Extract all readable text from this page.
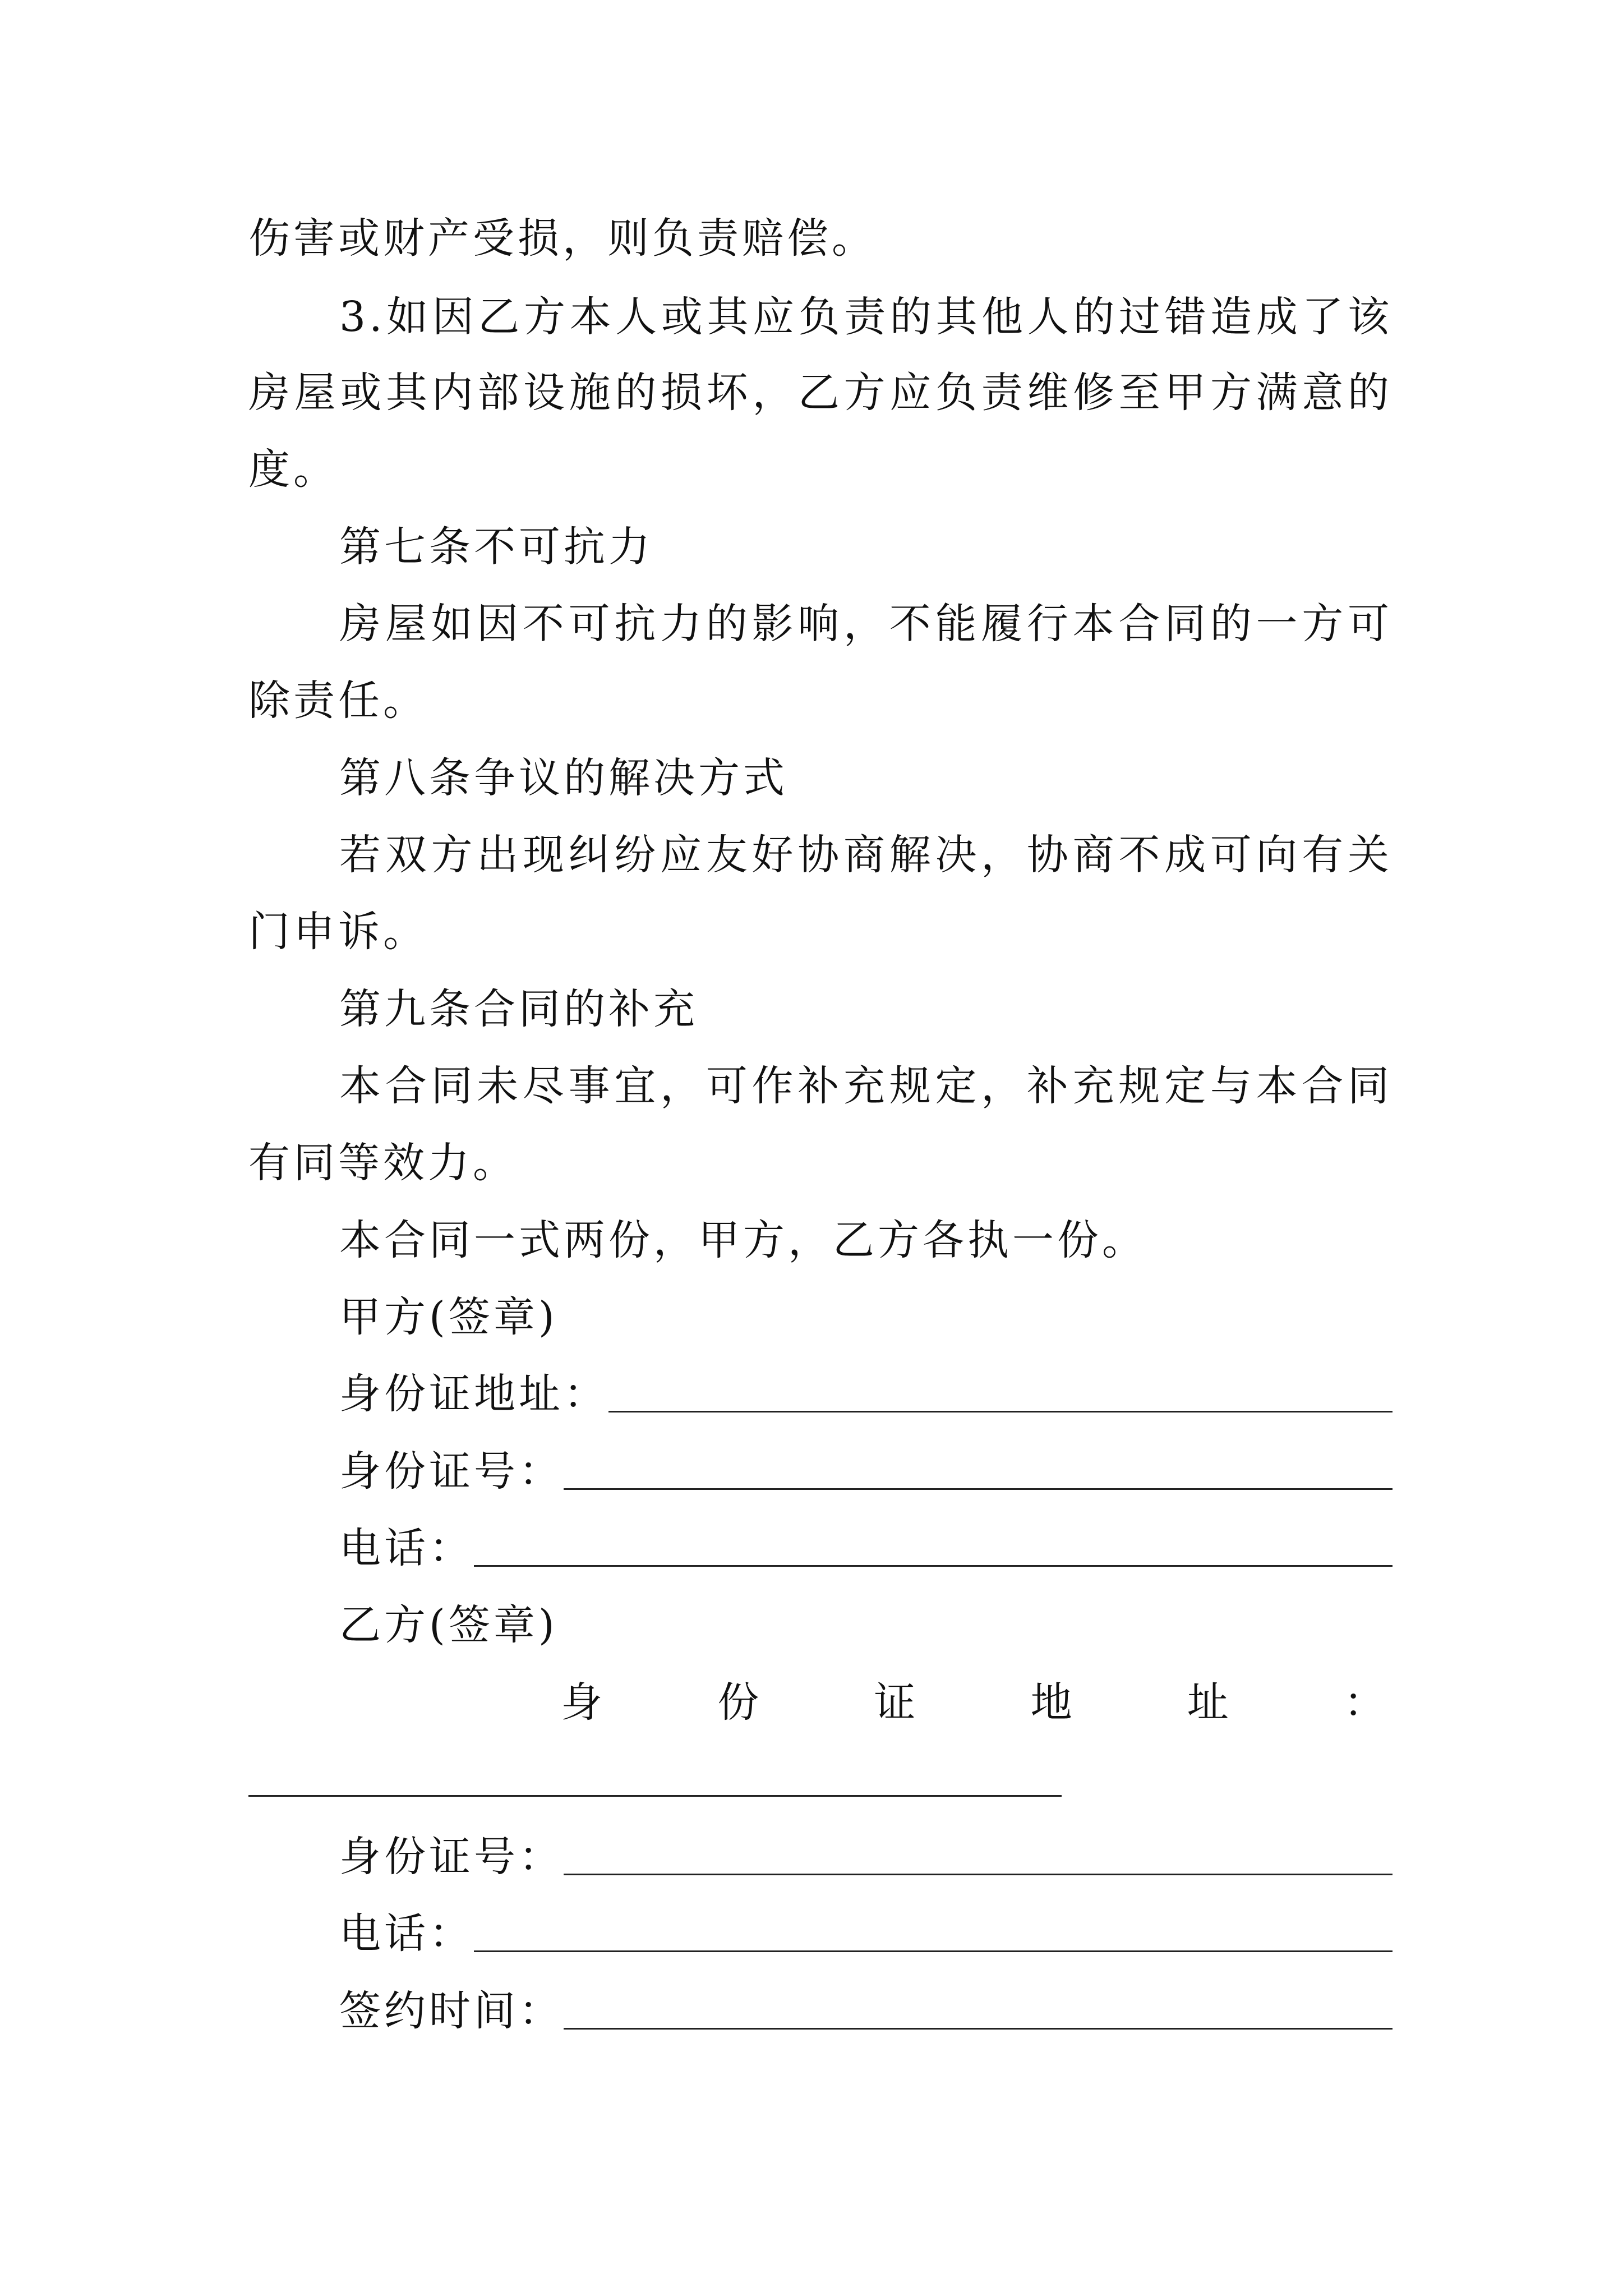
伤害或财产受损，则负责赔偿。
3.如因乙方本人或其应负责的其他人的过错造成了该
房屋或其内部设施的损坏，乙方应负责维修至甲方满意的
度。
第七条不可抗力
房屋如因不可抗力的影响，不能履行本合同的一方可
除责任。
第八条争议的解决方式
若双方出现纠纷应友好协商解决，协商不成可向有关
门申诉。
第九条合同的补充
本合同未尽事宜，可作补充规定，补充规定与本合同
有同等效力。
本合同一式两份，甲方，乙方各执一份。
甲方(签章)
身份证地址：
身份证号：
电话：
乙方(签章)
身	份	证	地	址	：
身份证号：
电话：
签约时间：
